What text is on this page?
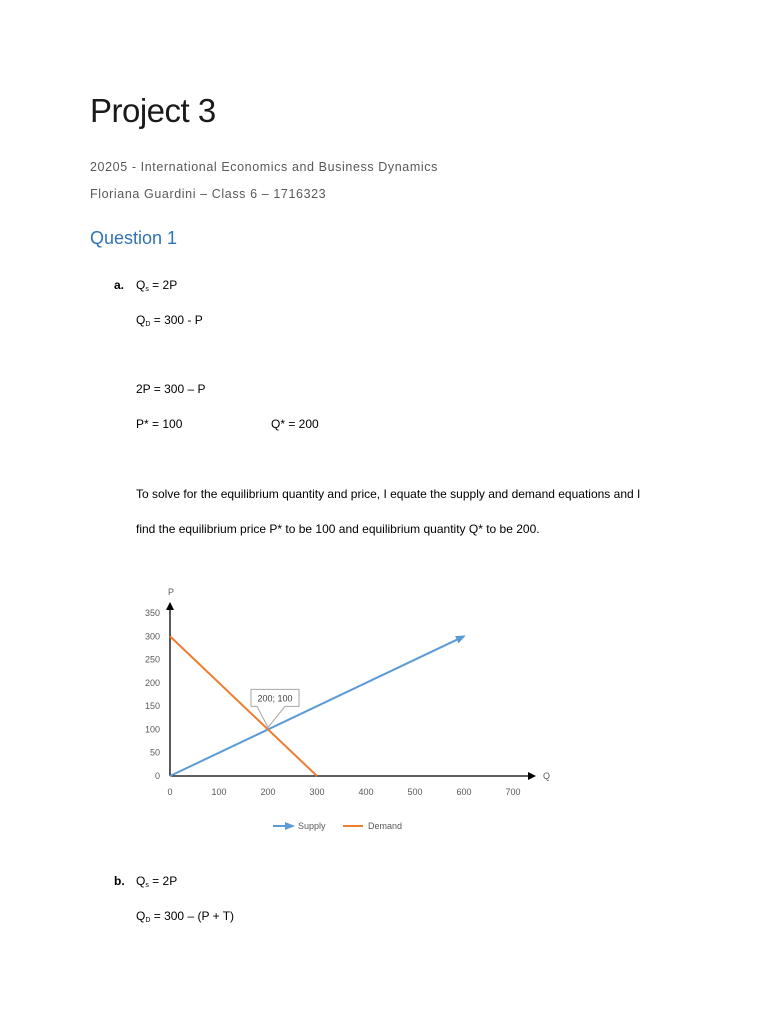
Project 3
20205 - International Economics and Business Dynamics
Floriana Guardini – Class 6 – 1716323
Question 1
a. $Q_s = 2P$
$Q_D = 300 - P$
2P = 300 – P
P* = 100	Q* = 200
To solve for the equilibrium quantity and price, I equate the supply and demand equations and I
find the equilibrium price P* to be 100 and equilibrium quantity Q* to be 200.
0
50
100
150
200
250
300
350
0	100	200	300	400	500	600	700
P
Q
200; 100
Supply	Demand
b. $Q_s = 2P$
$Q_D = 300 - (P + T)$
